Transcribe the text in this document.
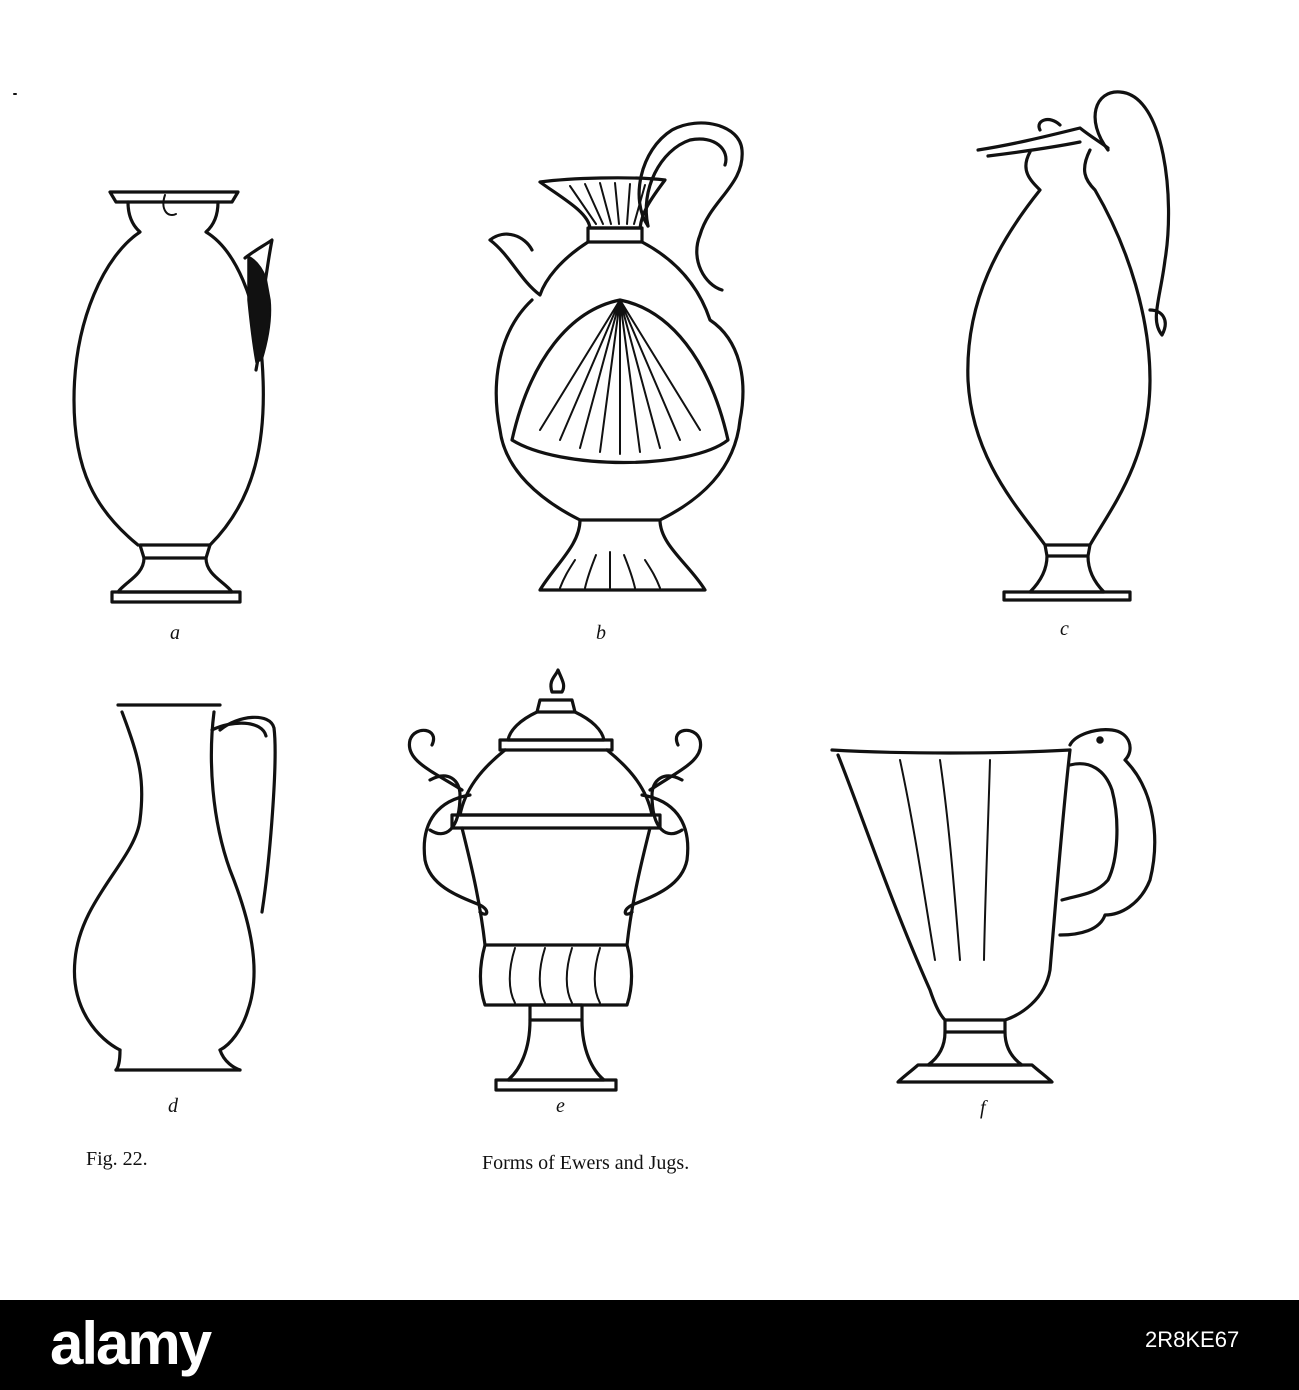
a	b	c
d	e	f
Fig. 22.	Forms of Ewers and Jugs.
alamy	2R8KE67
